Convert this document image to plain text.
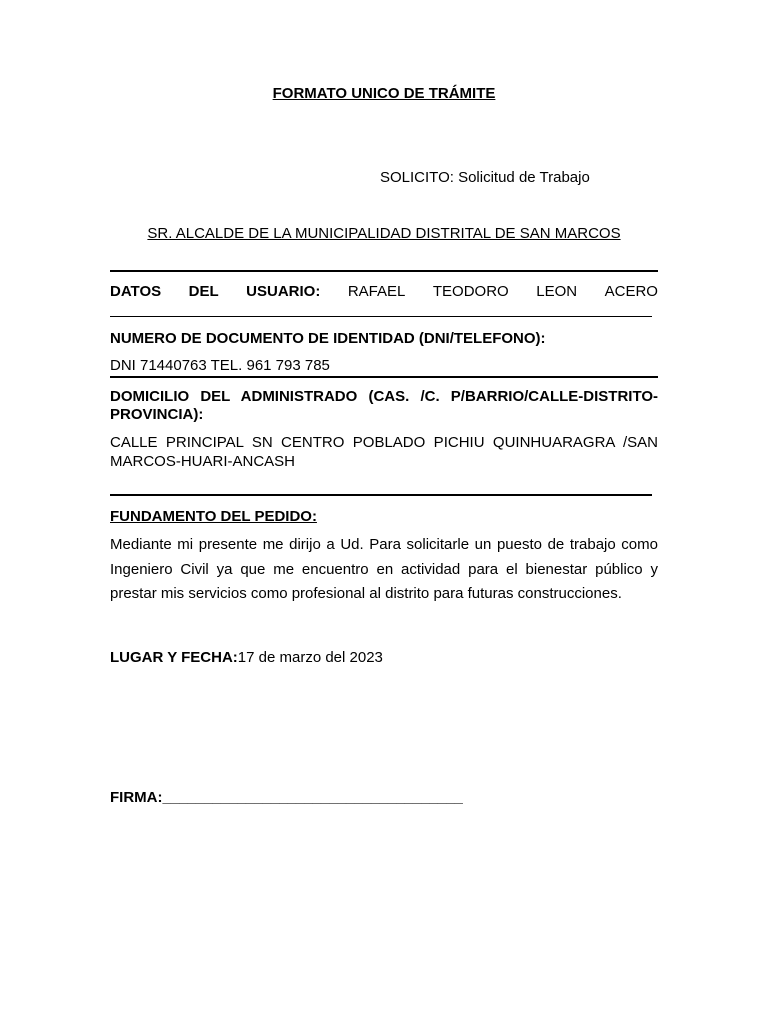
FORMATO UNICO DE TRÁMITE
SOLICITO: Solicitud de Trabajo
SR. ALCALDE DE LA MUNICIPALIDAD DISTRITAL DE SAN MARCOS
DATOS DEL USUARIO: RAFAEL TEODORO LEON ACERO
NUMERO DE DOCUMENTO DE IDENTIDAD (DNI/TELEFONO):
DNI 71440763 TEL. 961 793 785
DOMICILIO DEL ADMINISTRADO (CAS. /C. P/BARRIO/CALLE-DISTRITO-
PROVINCIA):
CALLE PRINCIPAL SN CENTRO POBLADO PICHIU QUINHUARAGRA /SAN
MARCOS-HUARI-ANCASH
FUNDAMENTO DEL PEDIDO:
Mediante mi presente me dirijo a Ud. Para solicitarle un puesto de trabajo como Ingeniero Civil ya que me encuentro en actividad para el bienestar público y prestar mis servicios como profesional al distrito para futuras construcciones.
LUGAR Y FECHA:17 de marzo del 2023
FIRMA:____________________________________
